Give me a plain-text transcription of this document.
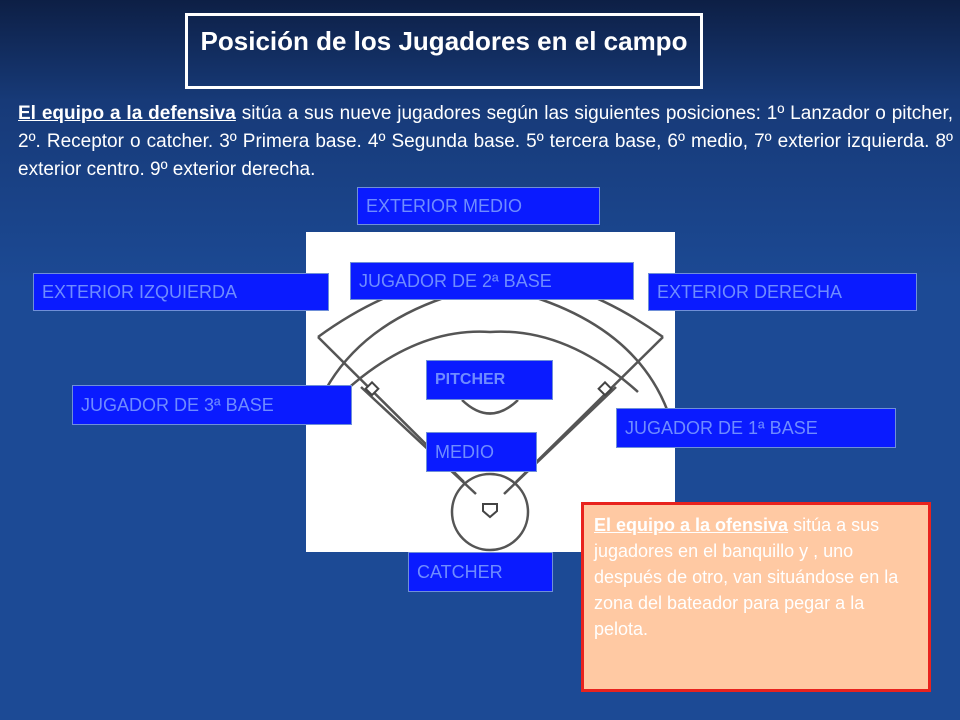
Posición de los Jugadores en el campo
El equipo a la defensiva sitúa a sus nueve jugadores según las siguientes posiciones: 1º Lanzador o pitcher, 2º. Receptor o catcher. 3º Primera base. 4º Segunda base. 5º tercera base, 6º medio, 7º exterior izquierda. 8º exterior centro. 9º exterior derecha.
EXTERIOR MEDIO
JUGADOR DE 2ª BASE
EXTERIOR IZQUIERDA	EXTERIOR DERECHA
PITCHER
JUGADOR DE 3ª BASE
JUGADOR DE 1ª BASE
MEDIO
CATCHER
El equipo a la ofensiva sitúa a sus jugadores en el banquillo y , uno después de otro, van situándose en la zona del bateador para pegar a la pelota.
